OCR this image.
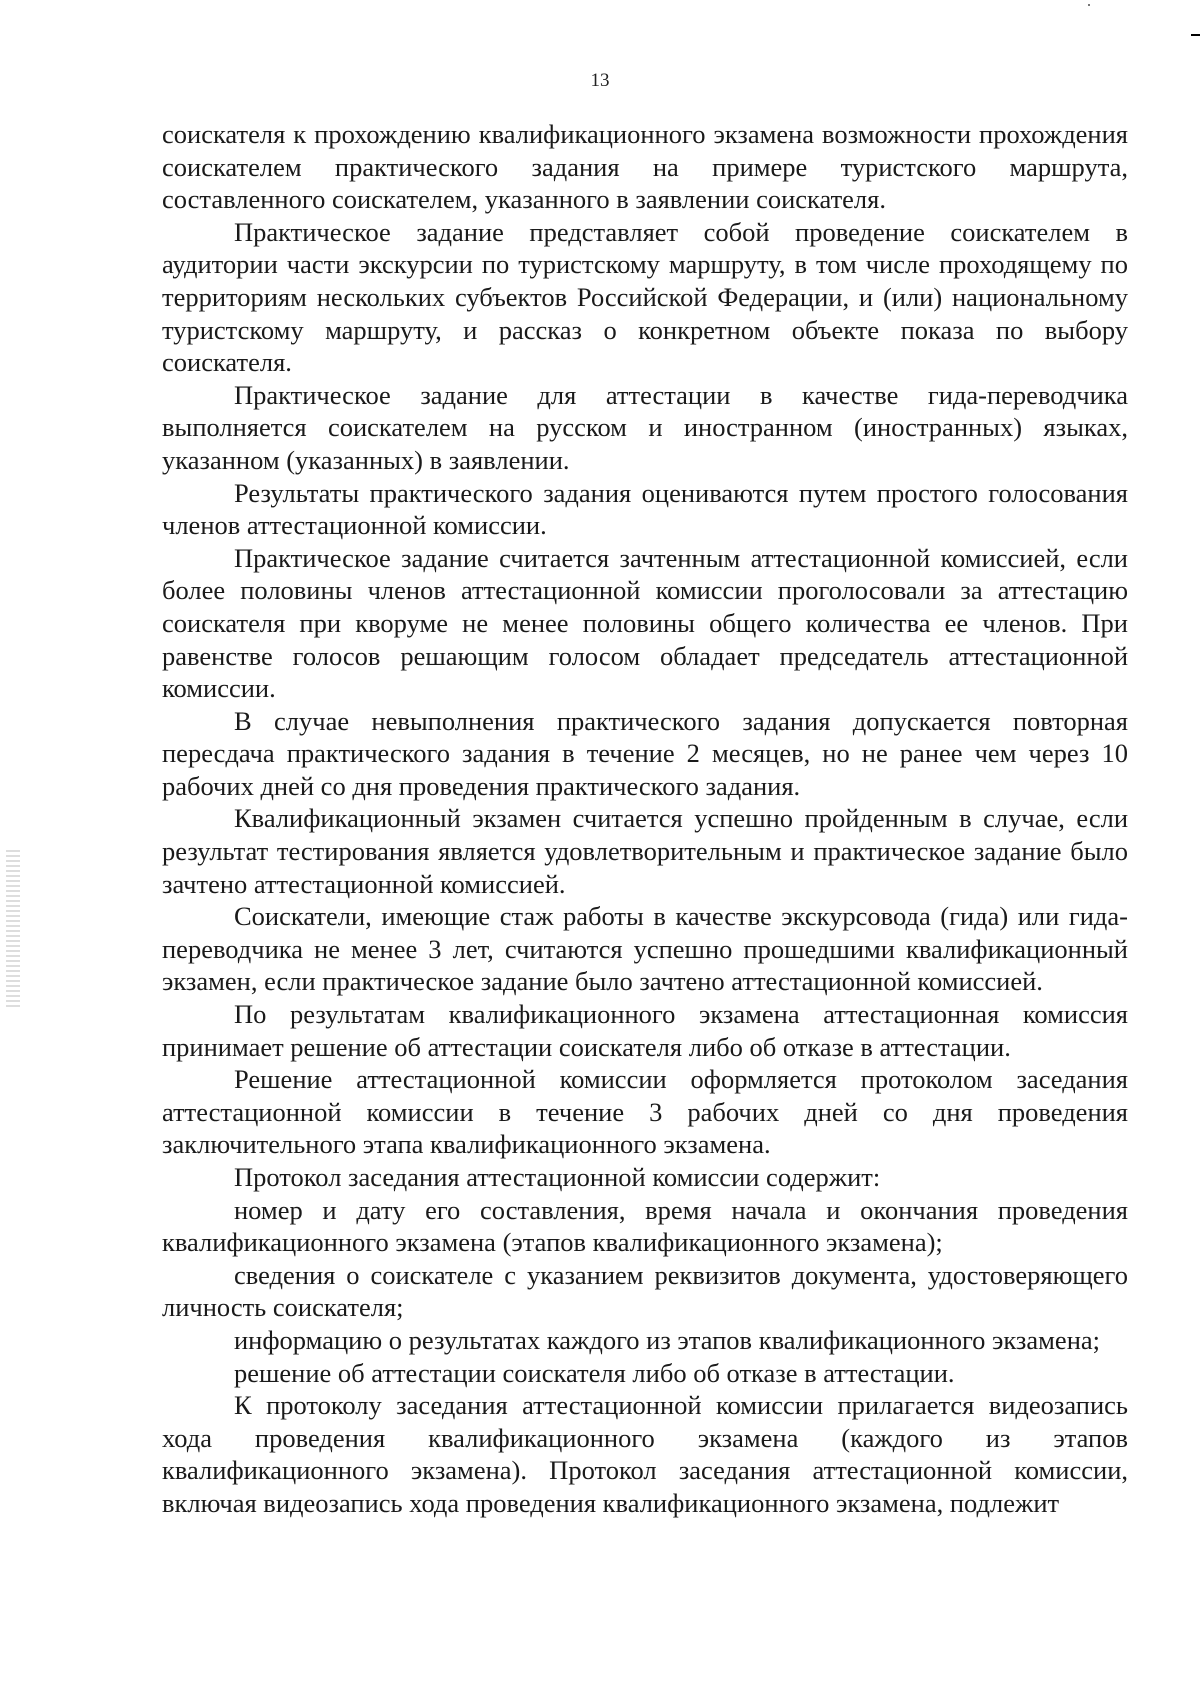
13

соискателя к прохождению квалификационного экзамена возможности прохождения соискателем практического задания на примере туристского маршрута, составленного соискателем, указанного в заявлении соискателя.

Практическое задание представляет собой проведение соискателем в аудитории части экскурсии по туристскому маршруту, в том числе проходящему по территориям нескольких субъектов Российской Федерации, и (или) национальному туристскому маршруту, и рассказ о конкретном объекте показа по выбору соискателя.

Практическое задание для аттестации в качестве гида-переводчика выполняется соискателем на русском и иностранном (иностранных) языках, указанном (указанных) в заявлении.

Результаты практического задания оцениваются путем простого голосования членов аттестационной комиссии.

Практическое задание считается зачтенным аттестационной комиссией, если более половины членов аттестационной комиссии проголосовали за аттестацию соискателя при кворуме не менее половины общего количества ее членов. При равенстве голосов решающим голосом обладает председатель аттестационной комиссии.

В случае невыполнения практического задания допускается повторная пересдача практического задания в течение 2 месяцев, но не ранее чем через 10 рабочих дней со дня проведения практического задания.

Квалификационный экзамен считается успешно пройденным в случае, если результат тестирования является удовлетворительным и практическое задание было зачтено аттестационной комиссией.

Соискатели, имеющие стаж работы в качестве экскурсовода (гида) или гида-переводчика не менее 3 лет, считаются успешно прошедшими квалификационный экзамен, если практическое задание было зачтено аттестационной комиссией.

По результатам квалификационного экзамена аттестационная комиссия принимает решение об аттестации соискателя либо об отказе в аттестации.

Решение аттестационной комиссии оформляется протоколом заседания аттестационной комиссии в течение 3 рабочих дней со дня проведения заключительного этапа квалификационного экзамена.

Протокол заседания аттестационной комиссии содержит:

номер и дату его составления, время начала и окончания проведения квалификационного экзамена (этапов квалификационного экзамена);

сведения о соискателе с указанием реквизитов документа, удостоверяющего личность соискателя;

информацию о результатах каждого из этапов квалификационного экзамена;

решение об аттестации соискателя либо об отказе в аттестации.

К протоколу заседания аттестационной комиссии прилагается видеозапись хода проведения квалификационного экзамена (каждого из этапов квалификационного экзамена). Протокол заседания аттестационной комиссии, включая видеозапись хода проведения квалификационного экзамена, подлежит
